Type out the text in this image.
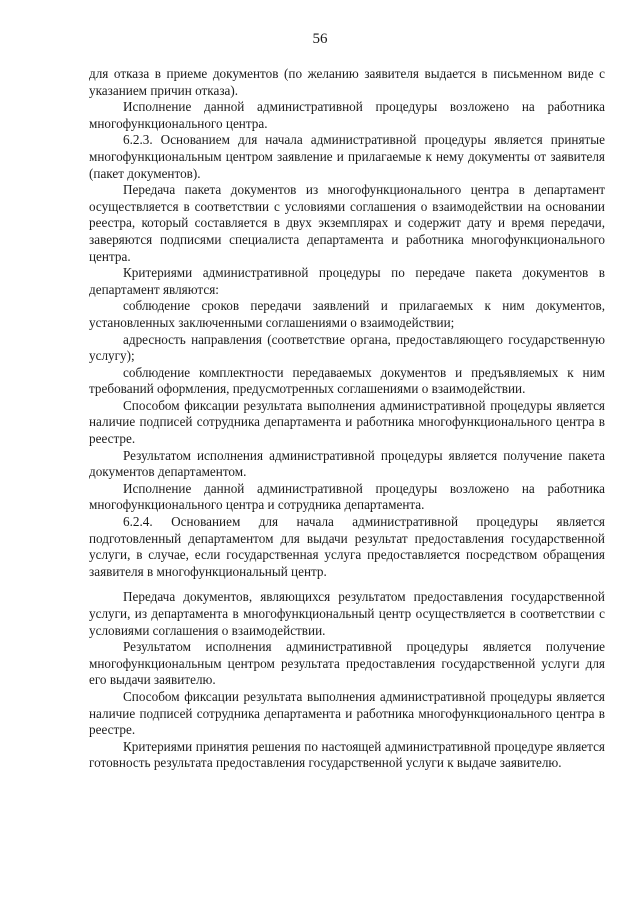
56

для отказа в приеме документов (по желанию заявителя выдается в письменном виде с указанием причин отказа).

Исполнение данной административной процедуры возложено на работника многофункционального центра.

6.2.3. Основанием для начала административной процедуры является принятые многофункциональным центром заявление и прилагаемые к нему документы от заявителя (пакет документов).

Передача пакета документов из многофункционального центра в департамент осуществляется в соответствии с условиями соглашения о взаимодействии на основании реестра, который составляется в двух экземплярах и содержит дату и время передачи, заверяются подписями специалиста департамента и работника многофункционального центра.

Критериями административной процедуры по передаче пакета документов в департамент являются:

соблюдение сроков передачи заявлений и прилагаемых к ним документов, установленных заключенными соглашениями о взаимодействии;

адресность направления (соответствие органа, предоставляющего государственную услугу);

соблюдение комплектности передаваемых документов и предъявляемых к ним требований оформления, предусмотренных соглашениями о взаимодействии.

Способом фиксации результата выполнения административной процедуры является наличие подписей сотрудника департамента и работника многофункционального центра в реестре.

Результатом исполнения административной процедуры является получение пакета документов департаментом.

Исполнение данной административной процедуры возложено на работника многофункционального центра и сотрудника департамента.

6.2.4. Основанием для начала административной процедуры является подготовленный департаментом для выдачи результат предоставления государственной услуги, в случае, если государственная услуга предоставляется посредством обращения заявителя в многофункциональный центр.

Передача документов, являющихся результатом предоставления государственной услуги, из департамента в многофункциональный центр осуществляется в соответствии с условиями соглашения о взаимодействии.

Результатом исполнения административной процедуры является получение многофункциональным центром результата предоставления государственной услуги для его выдачи заявителю.

Способом фиксации результата выполнения административной процедуры является наличие подписей сотрудника департамента и работника многофункционального центра в реестре.

Критериями принятия решения по настоящей административной процедуре является готовность результата предоставления государственной услуги к выдаче заявителю.
